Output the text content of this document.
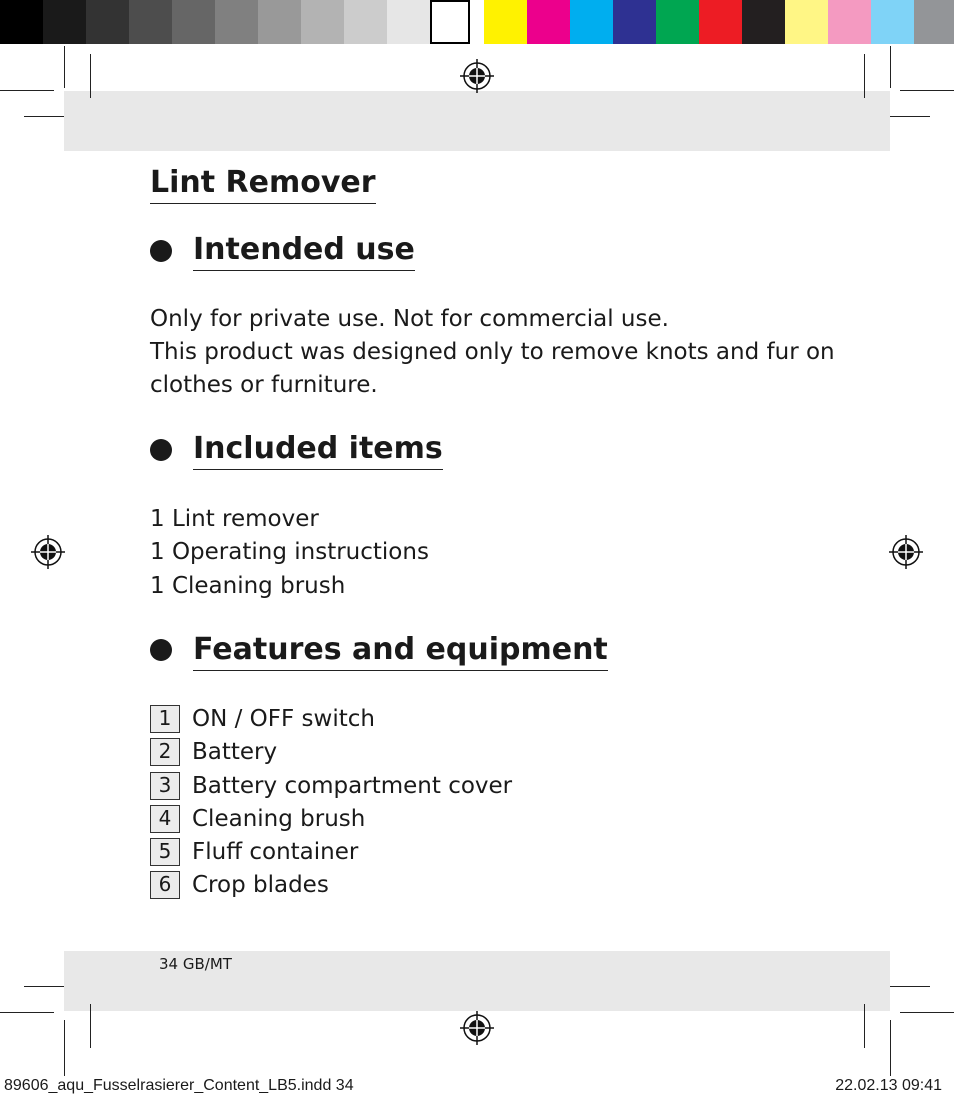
Lint Remover
Intended use

Only for private use. Not for commercial use.

This product was designed only to remove knots and fur on

clothes or furniture.

Included items

1 Lint remover

1 Operating instructions

1 Cleaning brush

Features and equipment
1 ON / OFF switch
2 Battery
3 Battery compartment cover
4 Cleaning brush
5 Fluff container
6 Crop blades
34 GB/MT
89606_aqu_Fusselrasierer_Content_LB5.indd 34	22.02.13 09:41
